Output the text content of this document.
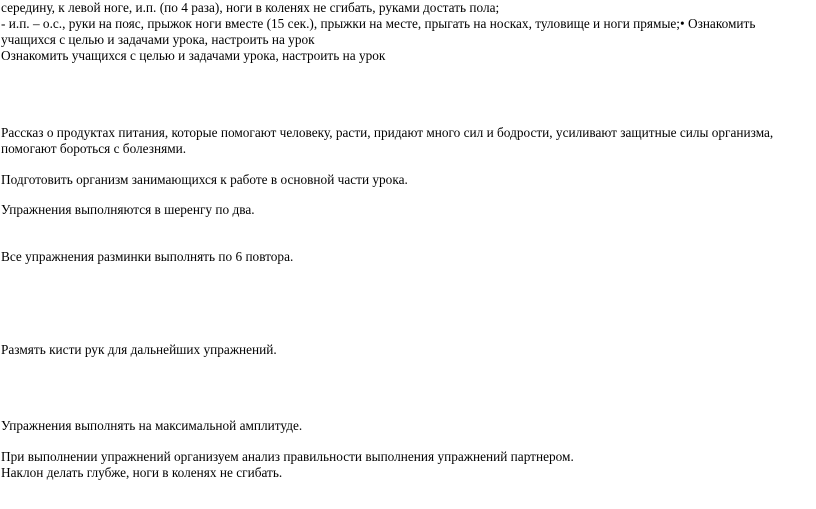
середину, к левой ноге, и.п. (по 4 раза), ноги в коленях не сгибать, руками достать пола;
- и.п. – о.с., руки на пояс, прыжок ноги вместе (15 сек.), прыжки на месте, прыгать на носках, туловище и ноги прямые;• Ознакомить
учащихся с целью и задачами урока, настроить на урок
Ознакомить учащихся с целью и задачами урока, настроить на урок
Рассказ о продуктах питания, которые помогают человеку, расти, придают много сил и бодрости, усиливают защитные силы организма,
помогают бороться с болезнями.
Подготовить организм занимающихся к работе в основной части урока.
Упражнения выполняются в шеренгу по два.
Все упражнения разминки выполнять по 6 повтора.
Размять кисти рук для дальнейших упражнений.
Упражнения выполнять на максимальной амплитуде.
При выполнении упражнений организуем анализ правильности выполнения упражнений партнером.
Наклон делать глубже, ноги в коленях не сгибать.
